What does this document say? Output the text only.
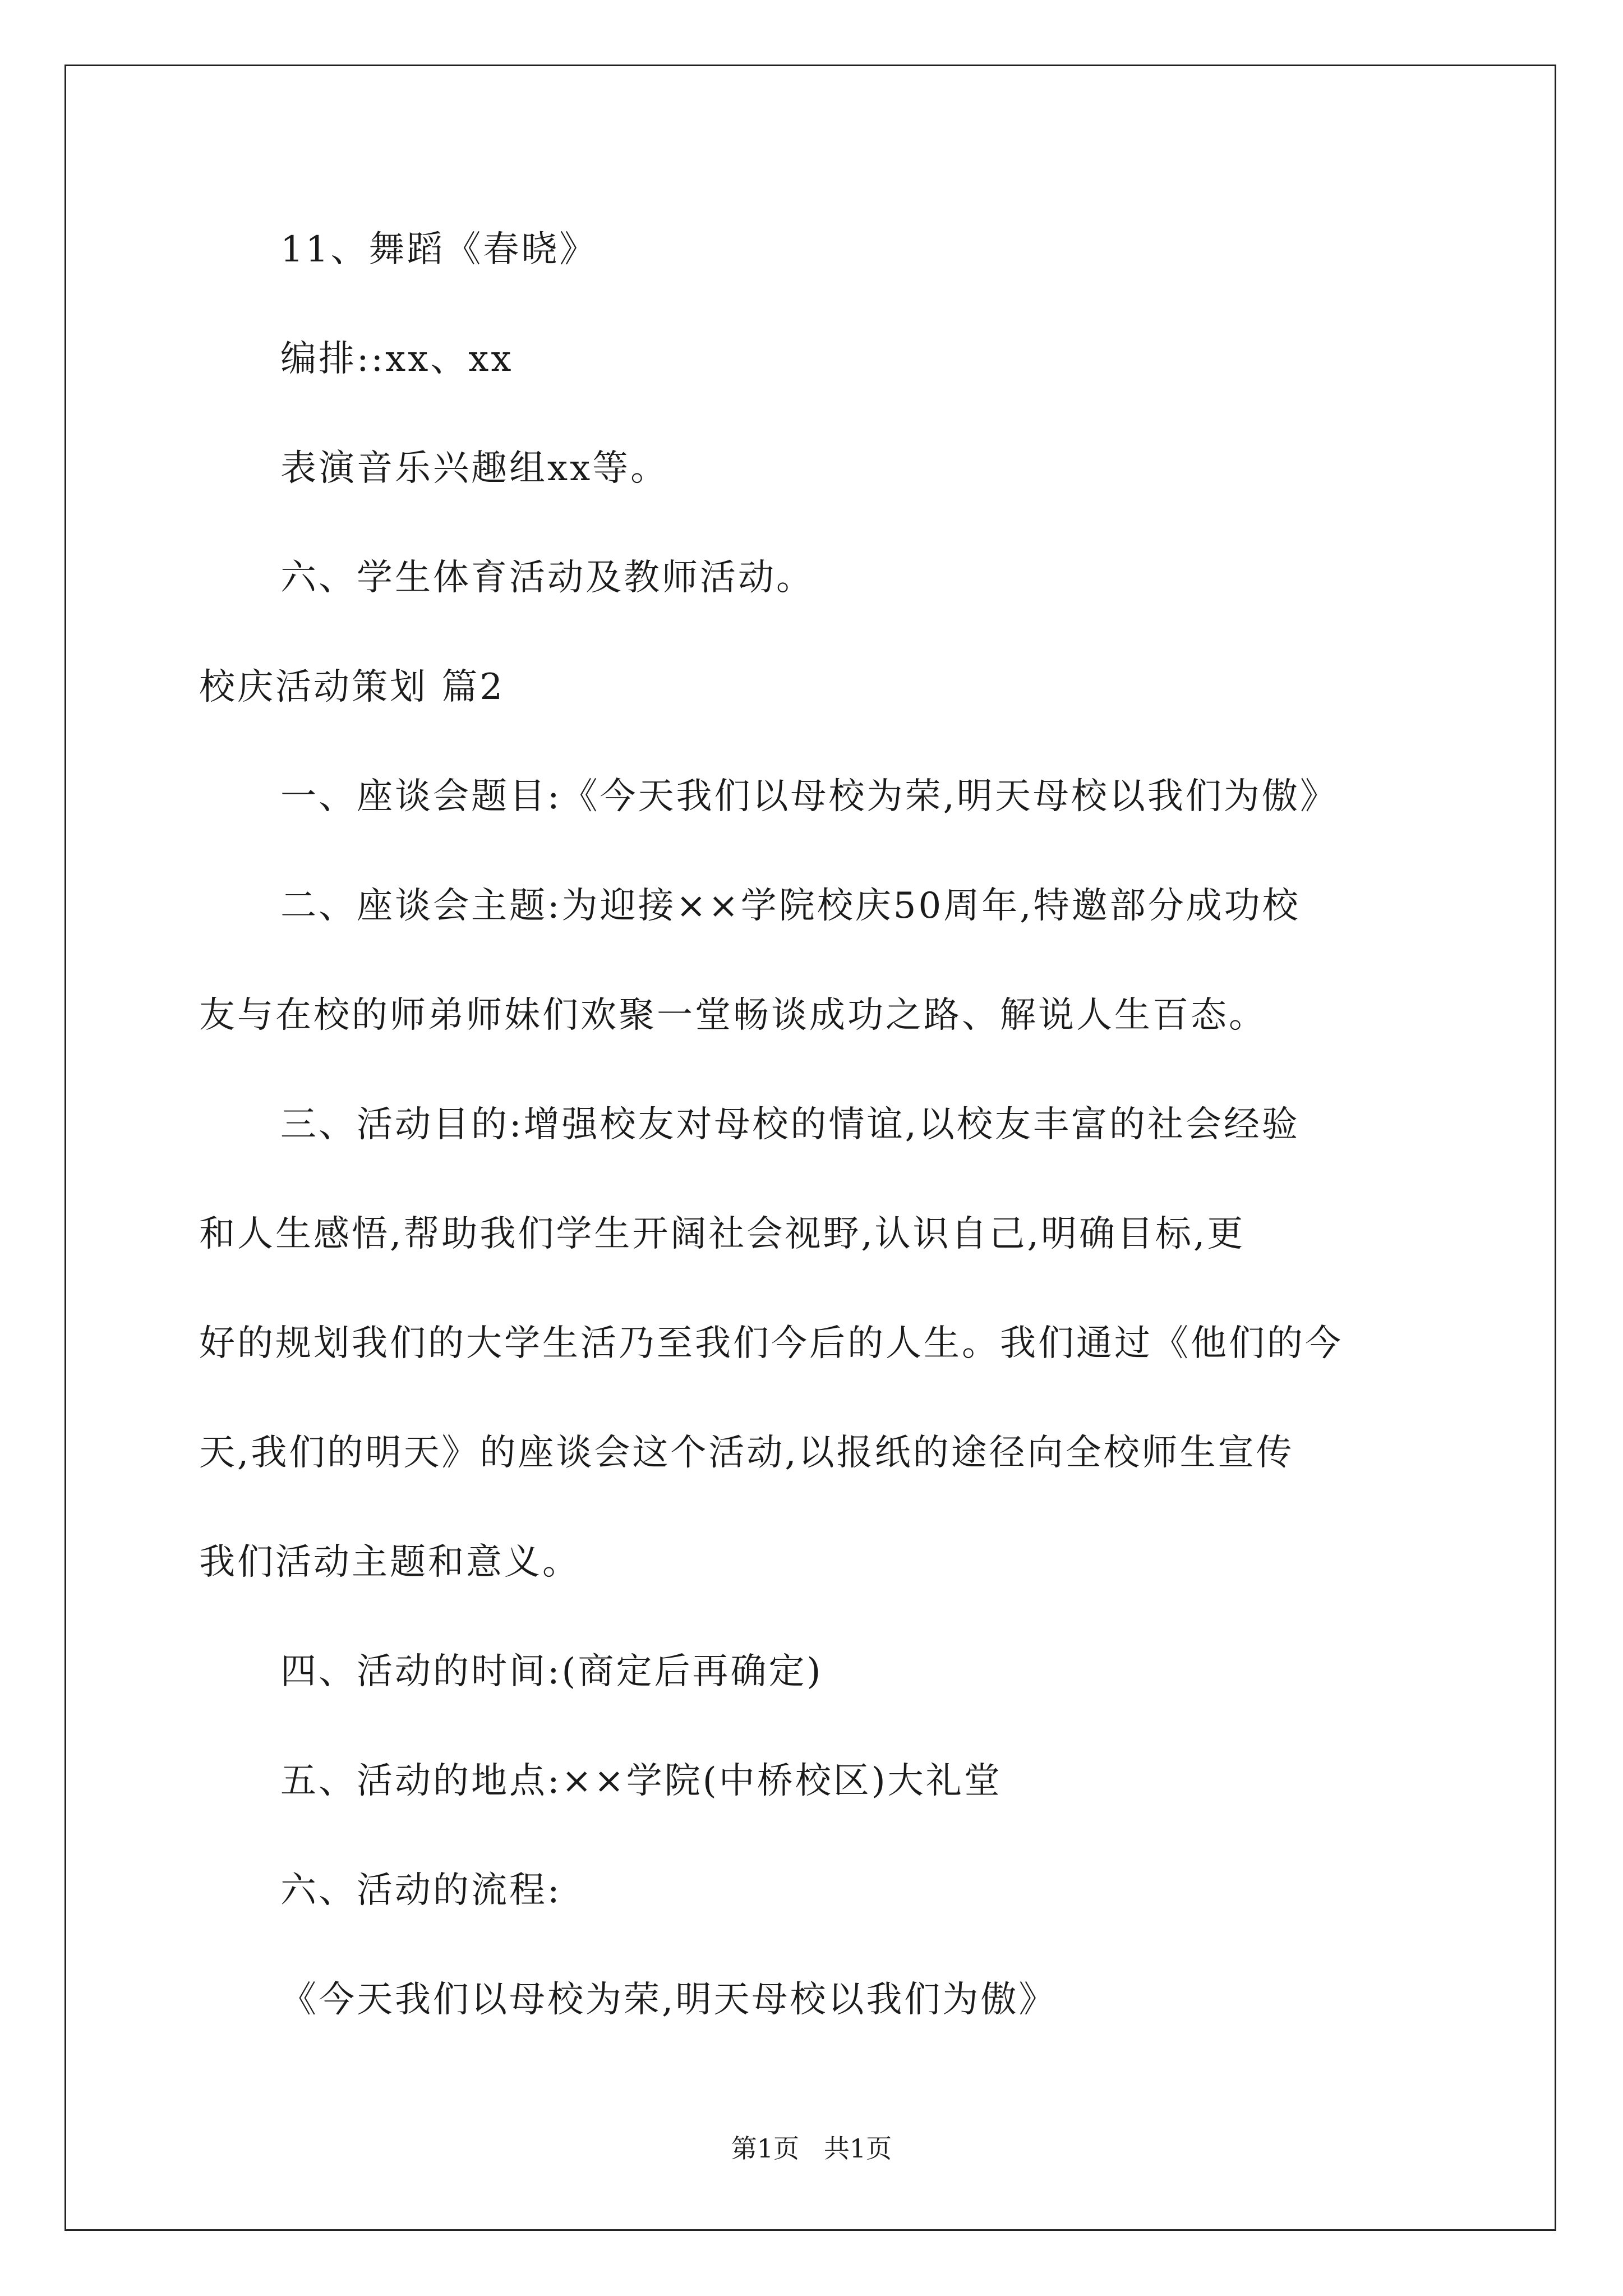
11、舞蹈《春晓》
编排::xx、xx
表演音乐兴趣组xx等。
六、学生体育活动及教师活动。
校庆活动策划 篇2
一、座谈会题目:《今天我们以母校为荣,明天母校以我们为傲》
二、座谈会主题:为迎接××学院校庆50周年,特邀部分成功校
友与在校的师弟师妹们欢聚一堂畅谈成功之路、解说人生百态。
三、活动目的:增强校友对母校的情谊,以校友丰富的社会经验
和人生感悟,帮助我们学生开阔社会视野,认识自己,明确目标,更
好的规划我们的大学生活乃至我们今后的人生。我们通过《他们的今
天,我们的明天》的座谈会这个活动,以报纸的途径向全校师生宣传
我们活动主题和意义。
四、活动的时间:(商定后再确定)
五、活动的地点:××学院(中桥校区)大礼堂
六、活动的流程:
《今天我们以母校为荣,明天母校以我们为傲》
第1页   共1页
